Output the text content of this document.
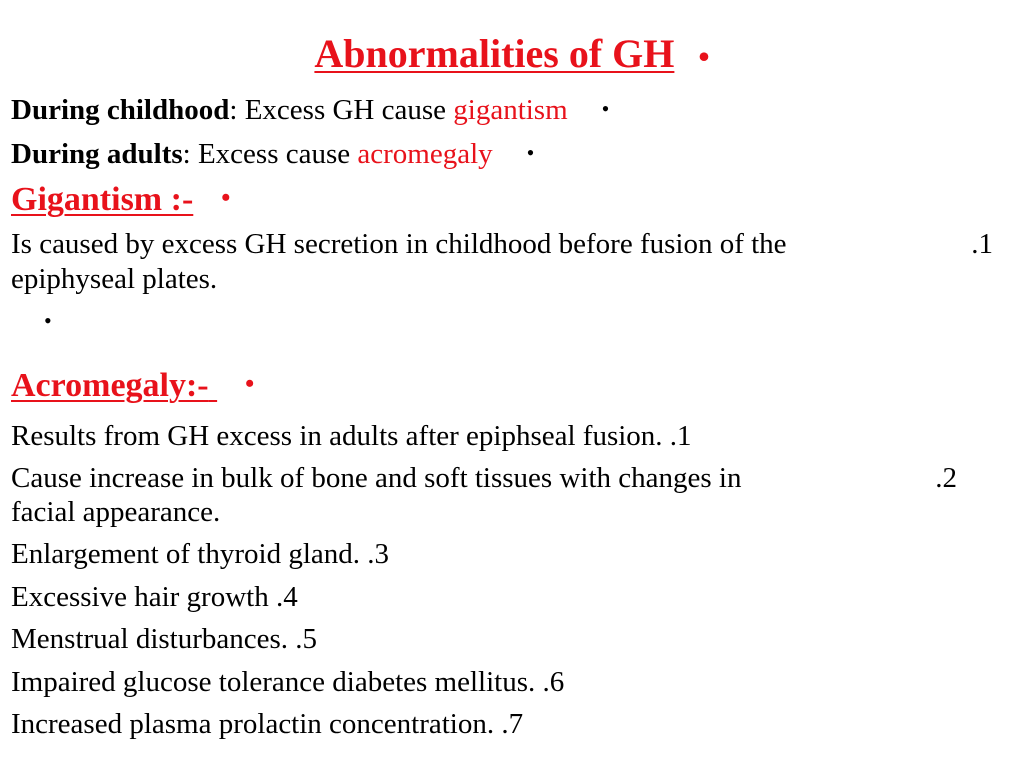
Abnormalities of GH •
During childhood: Excess GH cause gigantism •
During adults: Excess cause acromegaly •
Gigantism :- •
Is caused by excess GH secretion in childhood before fusion of the	.1
epiphyseal plates.
•
Acromegaly:- •
Results from GH excess in adults after epiphseal fusion. .1
Cause increase in bulk of bone and soft tissues with changes in	.2
facial appearance.
Enlargement of thyroid gland. .3
Excessive hair growth .4
Menstrual disturbances. .5
Impaired glucose tolerance diabetes mellitus. .6
Increased plasma prolactin concentration. .7
